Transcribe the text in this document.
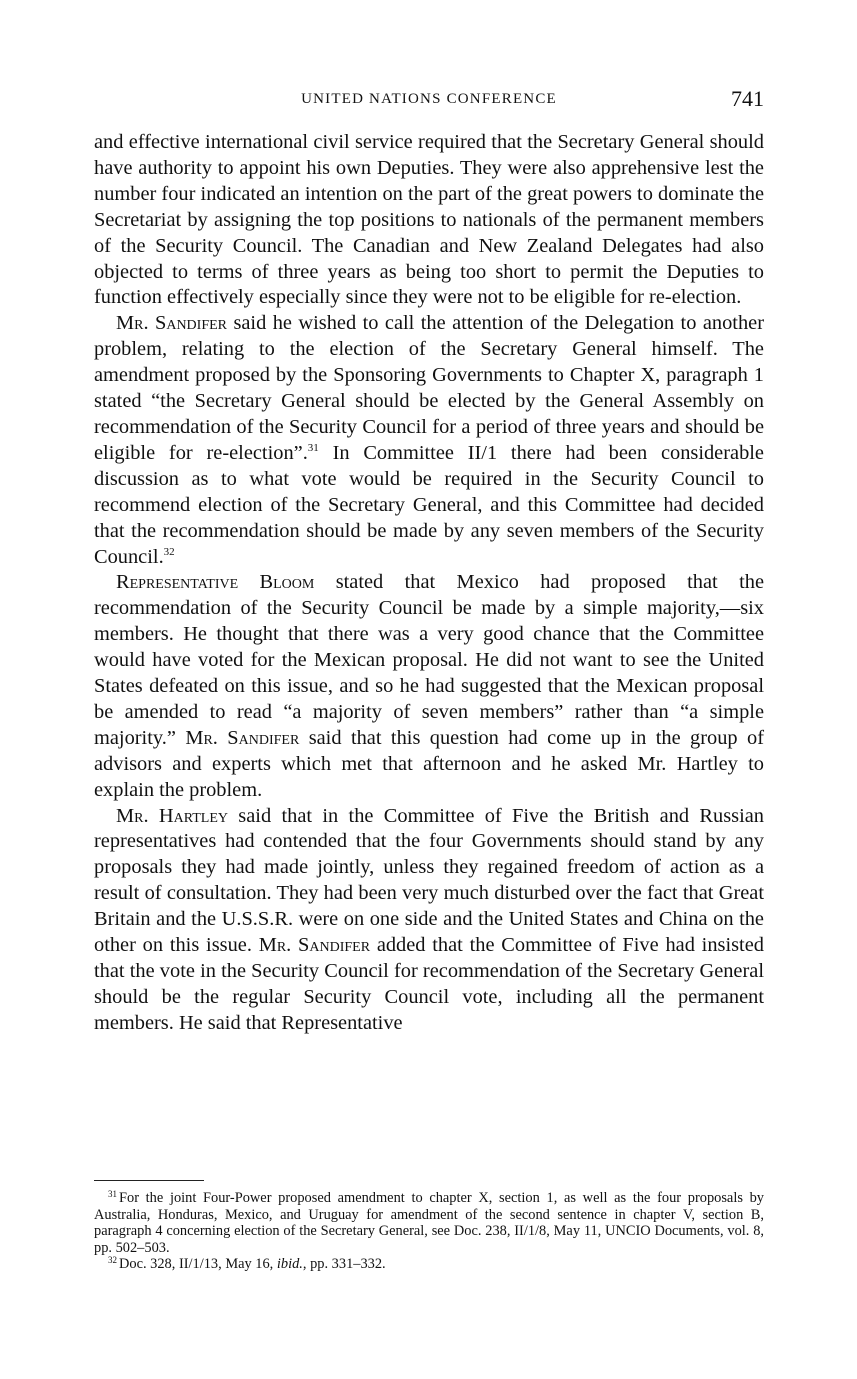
UNITED NATIONS CONFERENCE	741

and effective international civil service required that the Secretary General should have authority to appoint his own Deputies. They were also apprehensive lest the number four indicated an intention on the part of the great powers to dominate the Secretariat by assigning the top positions to nationals of the permanent members of the Security Council. The Canadian and New Zealand Delegates had also objected to terms of three years as being too short to permit the Deputies to function effectively especially since they were not to be eligible for re-election.

Mr. Sandifer said he wished to call the attention of the Delegation to another problem, relating to the election of the Secretary General himself. The amendment proposed by the Sponsoring Governments to Chapter X, paragraph 1 stated “the Secretary General should be elected by the General Assembly on recommendation of the Security Council for a period of three years and should be eligible for re-election”.$^{31}$ In Committee II/1 there had been considerable discussion as to what vote would be required in the Security Council to recommend election of the Secretary General, and this Committee had decided that the recommendation should be made by any seven members of the Security Council.$^{32}$

Representative Bloom stated that Mexico had proposed that the recommendation of the Security Council be made by a simple majority,—six members. He thought that there was a very good chance that the Committee would have voted for the Mexican proposal. He did not want to see the United States defeated on this issue, and so he had suggested that the Mexican proposal be amended to read “a majority of seven members” rather than “a simple majority.” Mr. Sandifer said that this question had come up in the group of advisors and experts which met that afternoon and he asked Mr. Hartley to explain the problem.

Mr. Hartley said that in the Committee of Five the British and Russian representatives had contended that the four Governments should stand by any proposals they had made jointly, unless they regained freedom of action as a result of consultation. They had been very much disturbed over the fact that Great Britain and the U.S.S.R. were on one side and the United States and China on the other on this issue. Mr. Sandifer added that the Committee of Five had insisted that the vote in the Security Council for recommendation of the Secretary General should be the regular Security Council vote, including all the permanent members. He said that Representative

$^{31}$ For the joint Four-Power proposed amendment to chapter X, section 1, as well as the four proposals by Australia, Honduras, Mexico, and Uruguay for amendment of the second sentence in chapter V, section B, paragraph 4 concerning election of the Secretary General, see Doc. 238, II/1/8, May 11, UNCIO Documents, vol. 8, pp. 502–503.

$^{32}$ Doc. 328, II/1/13, May 16, ibid., pp. 331–332.
